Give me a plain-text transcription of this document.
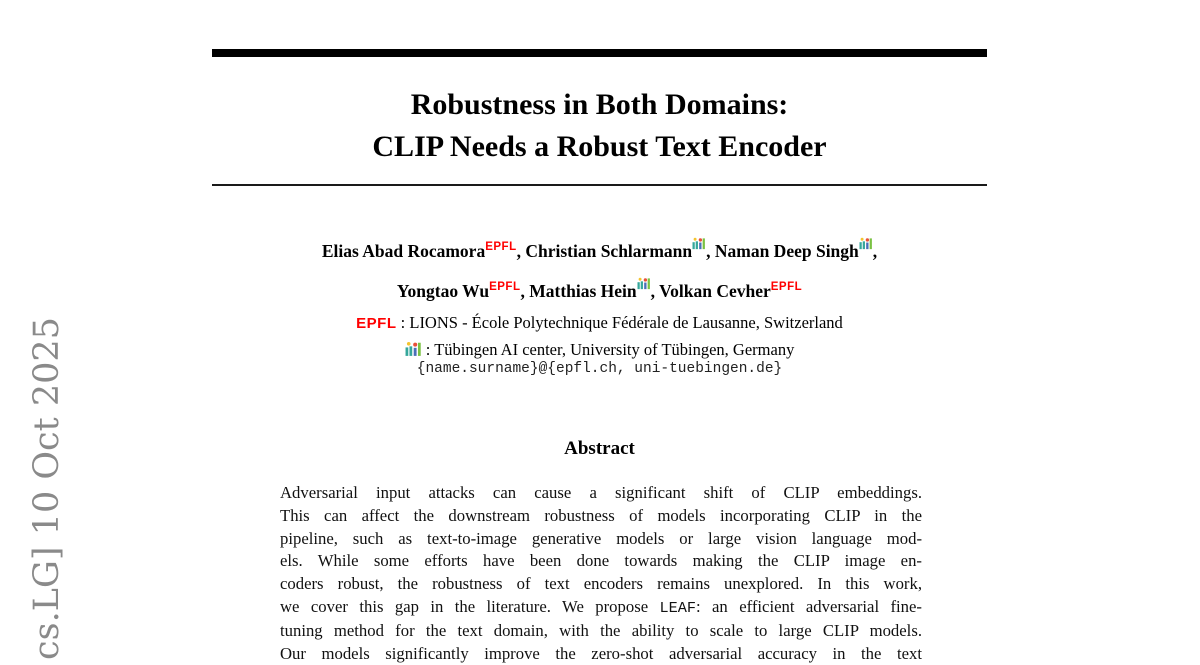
cs.LG] 10 Oct 2025
Robustness in Both Domains:
CLIP Needs a Robust Text Encoder
Elias Abad Rocamora$^{EPFL}$, Christian Schlarmann , Naman Deep Singh ,
Yongtao Wu$^{EPFL}$, Matthias Hein , Volkan Cevher$^{EPFL}$
EPFL : LIONS - École Polytechnique Fédérale de Lausanne, Switzerland
: Tübingen AI center, University of Tübingen, Germany
{name.surname}@{epfl.ch, uni-tuebingen.de}
Abstract
Adversarial input attacks can cause a significant shift of CLIP embeddings.
This can affect the downstream robustness of models incorporating CLIP in the
pipeline, such as text-to-image generative models or large vision language mod-
els. While some efforts have been done towards making the CLIP image en-
coders robust, the robustness of text encoders remains unexplored. In this work,
we cover this gap in the literature. We propose LEAF: an efficient adversarial fine-
tuning method for the text domain, with the ability to scale to large CLIP models.
Our models significantly improve the zero-shot adversarial accuracy in the text
